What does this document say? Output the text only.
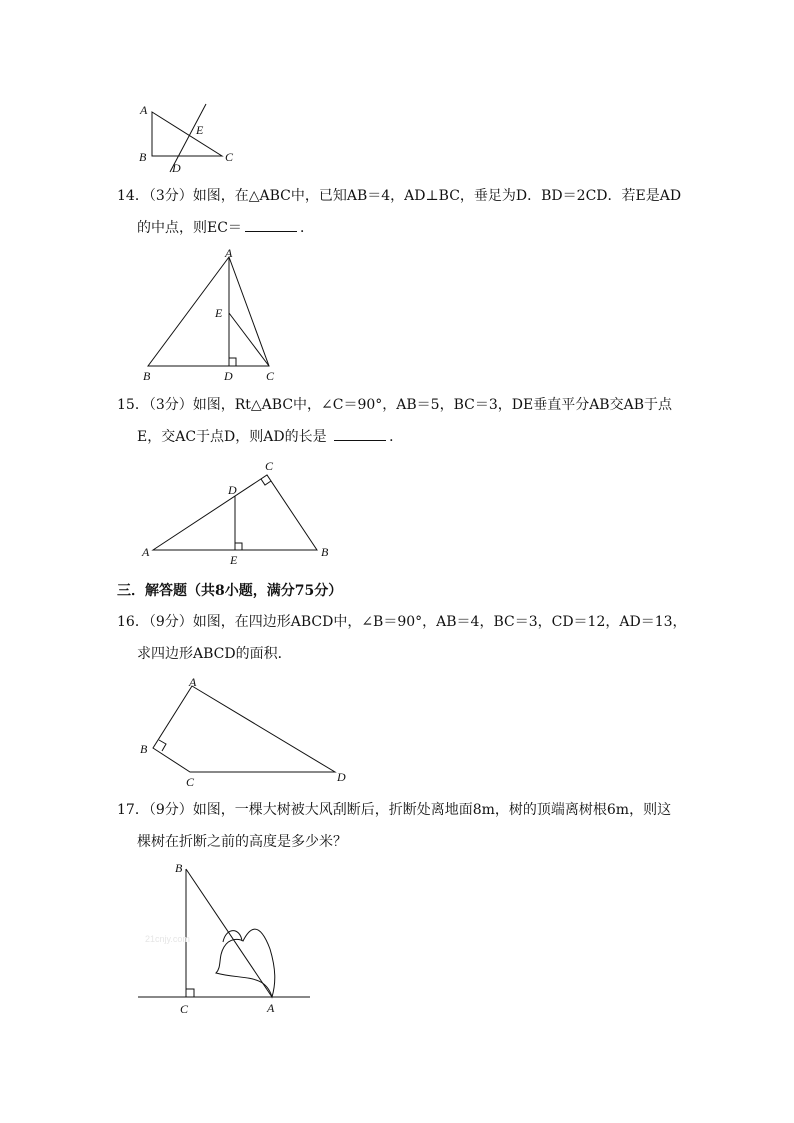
A
B	C
D
E
14．（3分）如图，在△ABC中，已知AB＝4，AD⊥BC，垂足为D．BD＝2CD．若E是AD
的中点，则EC＝	．
A
B	D	C
E
15．（3分）如图，Rt△ABC中，∠C＝90°，AB＝5，BC＝3，DE垂直平分AB交AB于点
E，交AC于点D，则AD的长是	．
C
D
A	B
E
三．解答题（共8小题，满分75分）
16．（9分）如图，在四边形ABCD中，∠B＝90°，AB＝4，BC＝3，CD＝12，AD＝13，
求四边形ABCD的面积．
A
B
C	D
17．（9分）如图，一棵大树被大风刮断后，折断处离地面8m，树的顶端离树根6m，则这
棵树在折断之前的高度是多少米？
B
C	A
21cnjy.com
